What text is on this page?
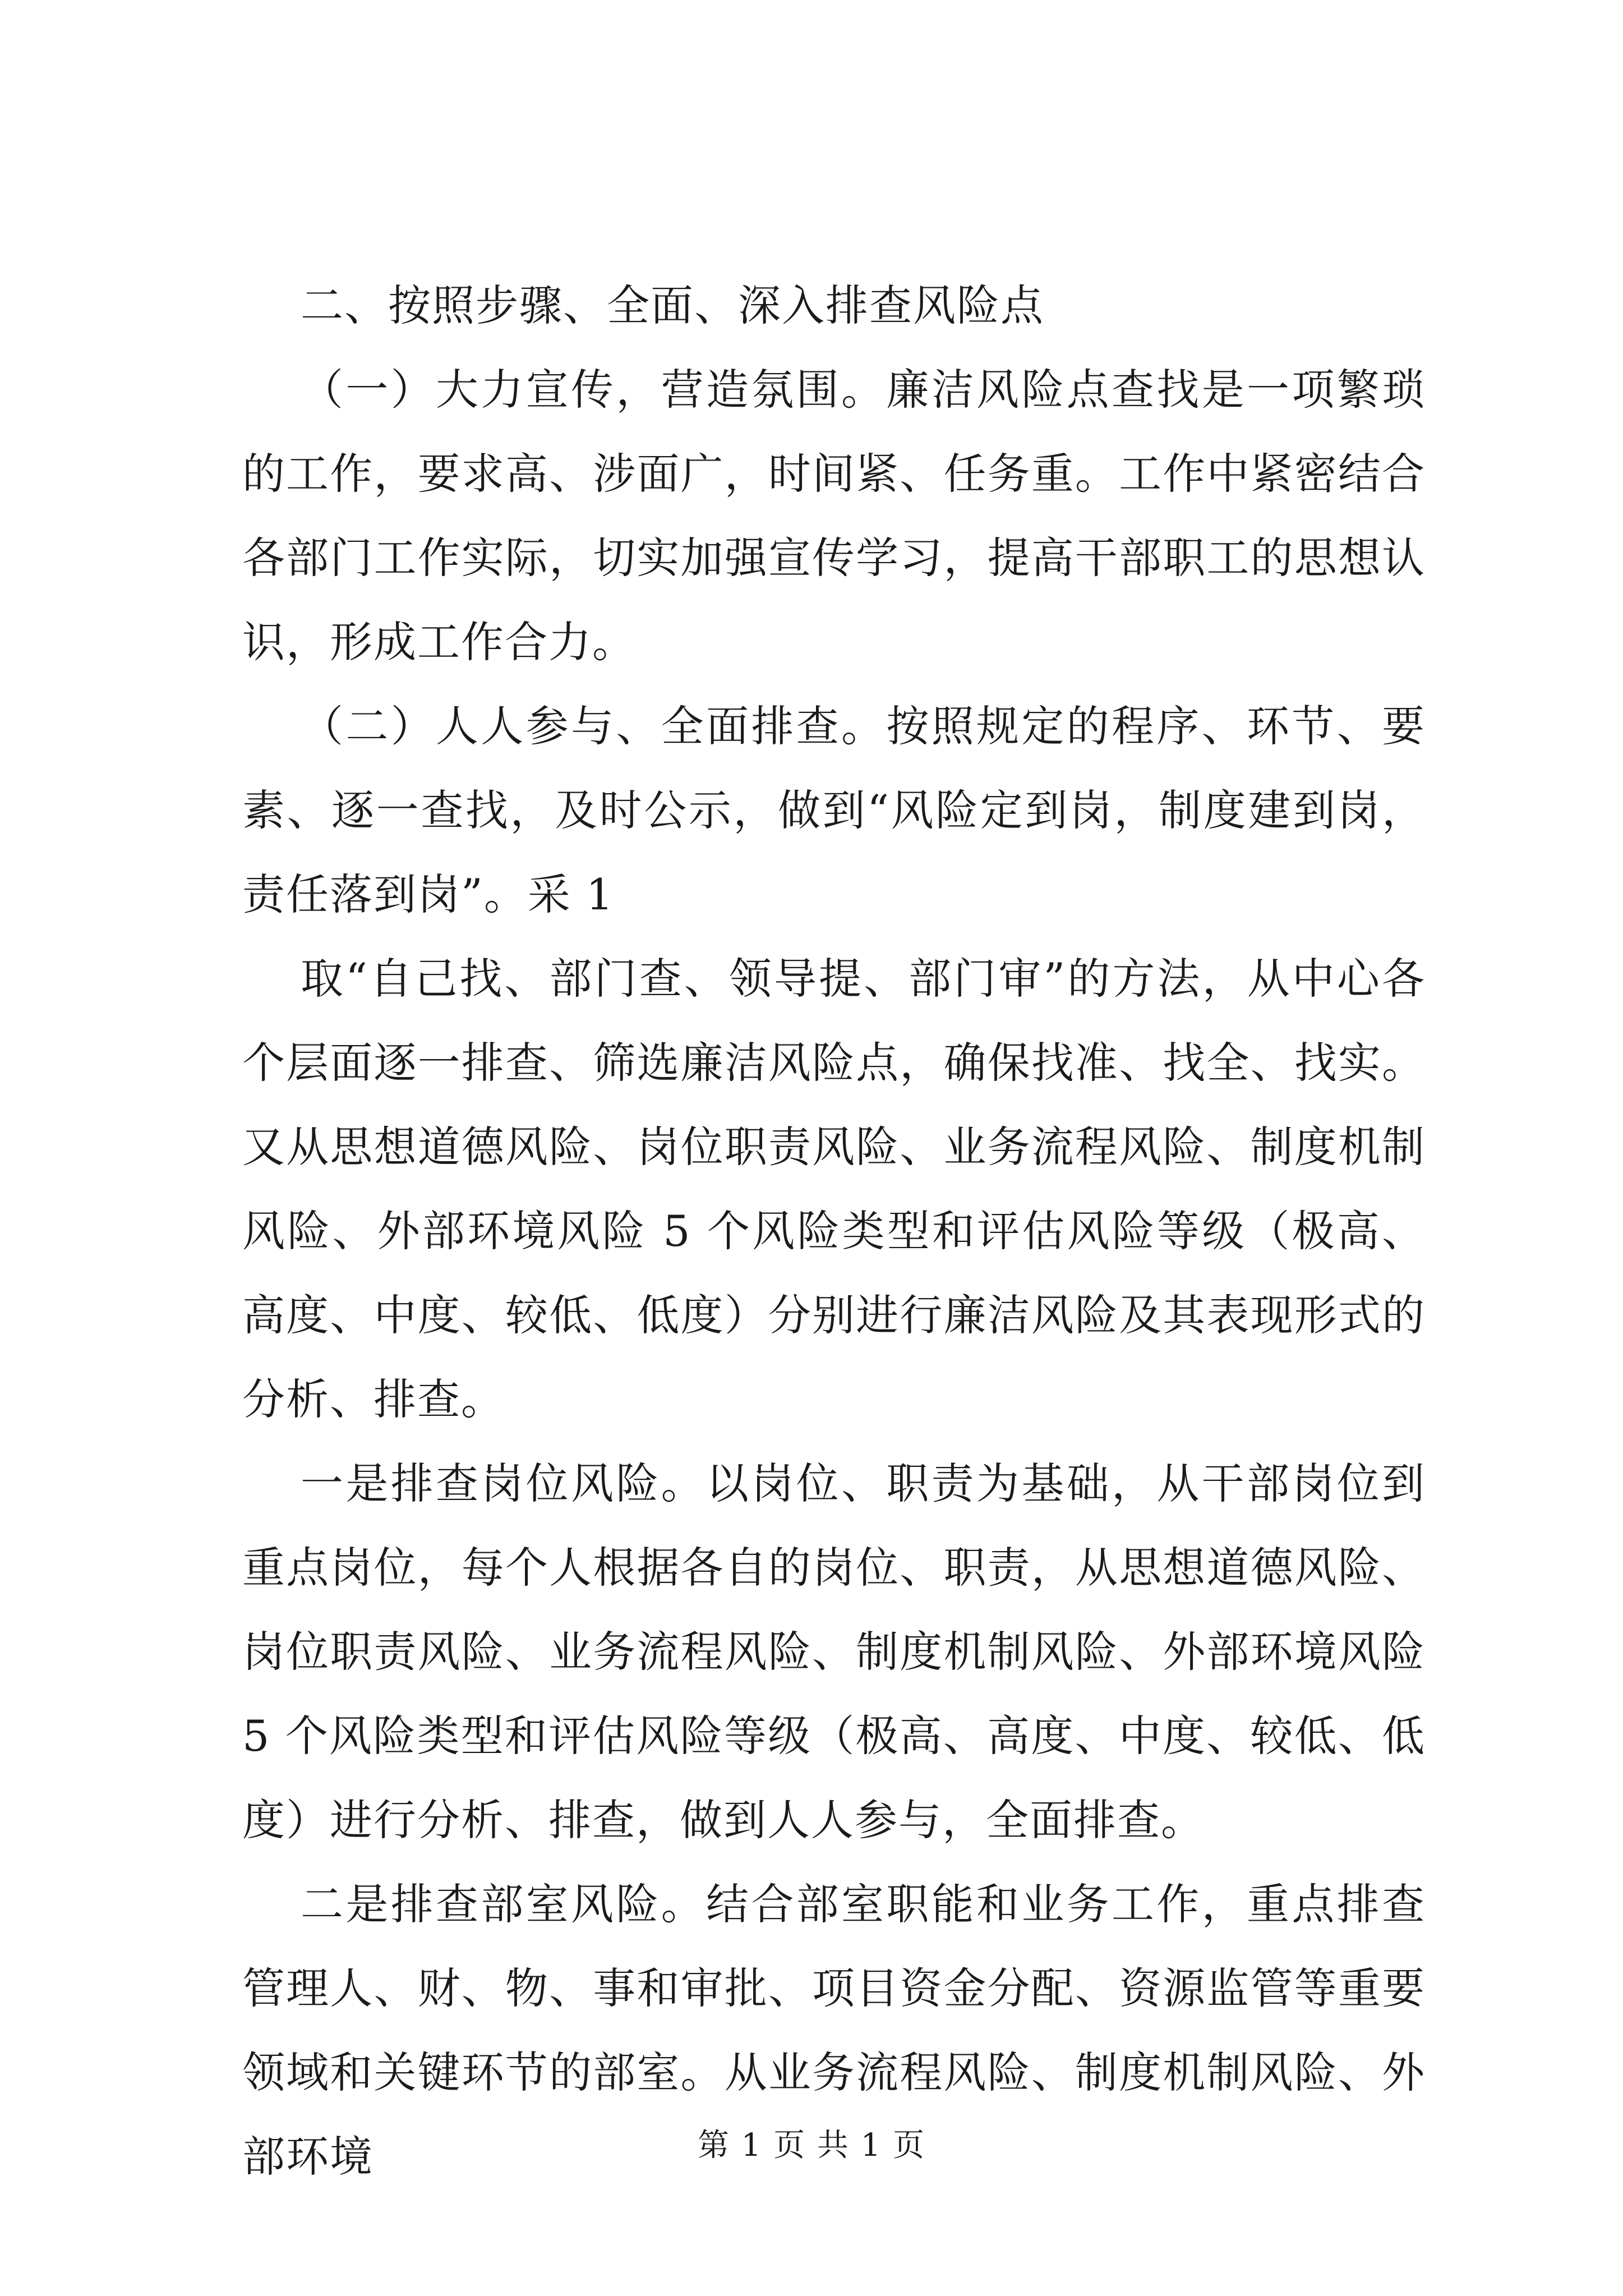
二、按照步骤、全面、深入排查风险点

（一）大力宣传，营造氛围。廉洁风险点查找是一项繁琐的工作，要求高、涉面广，时间紧、任务重。工作中紧密结合各部门工作实际，切实加强宣传学习，提高干部职工的思想认识，形成工作合力。

（二）人人参与、全面排查。按照规定的程序、环节、要素、逐一查找，及时公示，做到“风险定到岗，制度建到岗，责任落到岗”。采 1

取“自己找、部门查、领导提、部门审”的方法，从中心各个层面逐一排查、筛选廉洁风险点，确保找准、找全、找实。又从思想道德风险、岗位职责风险、业务流程风险、制度机制风险、外部环境风险 5 个风险类型和评估风险等级（极高、高度、中度、较低、低度）分别进行廉洁风险及其表现形式的分析、排查。

一是排查岗位风险。以岗位、职责为基础，从干部岗位到重点岗位，每个人根据各自的岗位、职责，从思想道德风险、岗位职责风险、业务流程风险、制度机制风险、外部环境风险 5 个风险类型和评估风险等级（极高、高度、中度、较低、低度）进行分析、排查，做到人人参与，全面排查。

二是排查部室风险。结合部室职能和业务工作，重点排查管理人、财、物、事和审批、项目资金分配、资源监管等重要领域和关键环节的部室。从业务流程风险、制度机制风险、外部环境	第 1 页 共 1 页
